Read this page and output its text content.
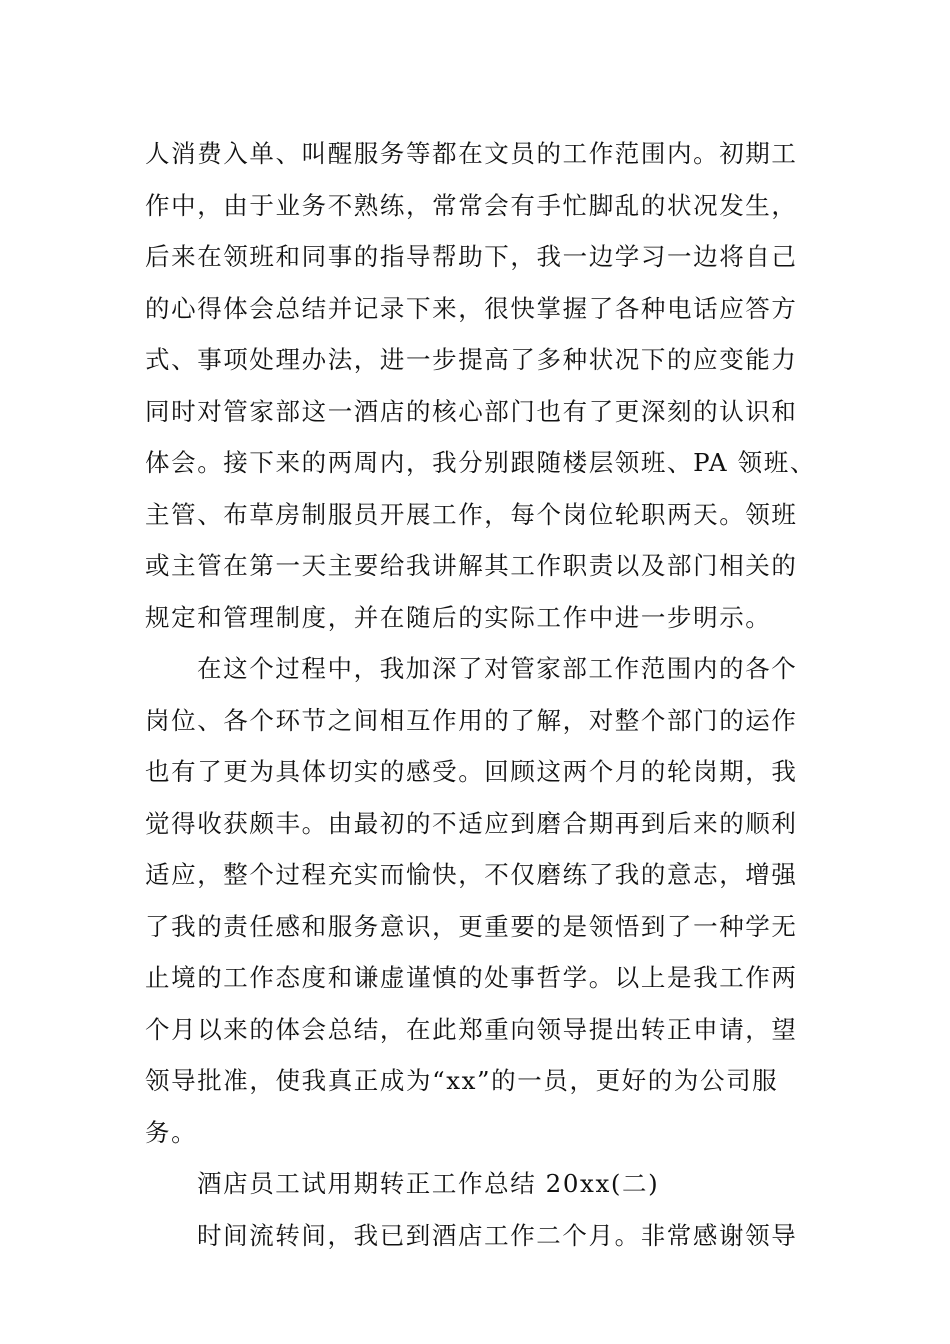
人消费入单、叫醒服务等都在文员的工作范围内。初期工
作中，由于业务不熟练，常常会有手忙脚乱的状况发生，
后来在领班和同事的指导帮助下，我一边学习一边将自己
的心得体会总结并记录下来，很快掌握了各种电话应答方
式、事项处理办法，进一步提高了多种状况下的应变能力
同时对管家部这一酒店的核心部门也有了更深刻的认识和
体会。接下来的两周内，我分别跟随楼层领班、PA 领班、
主管、布草房制服员开展工作，每个岗位轮职两天。领班
或主管在第一天主要给我讲解其工作职责以及部门相关的
规定和管理制度，并在随后的实际工作中进一步明示。
在这个过程中，我加深了对管家部工作范围内的各个
岗位、各个环节之间相互作用的了解，对整个部门的运作
也有了更为具体切实的感受。回顾这两个月的轮岗期，我
觉得收获颇丰。由最初的不适应到磨合期再到后来的顺利
适应，整个过程充实而愉快，不仅磨练了我的意志，增强
了我的责任感和服务意识，更重要的是领悟到了一种学无
止境的工作态度和谦虚谨慎的处事哲学。以上是我工作两
个月以来的体会总结，在此郑重向领导提出转正申请，望
领导批准，使我真正成为“xx”的一员，更好的为公司服
务。
酒店员工试用期转正工作总结 20xx(二)
时间流转间，我已到酒店工作二个月。非常感谢领导
